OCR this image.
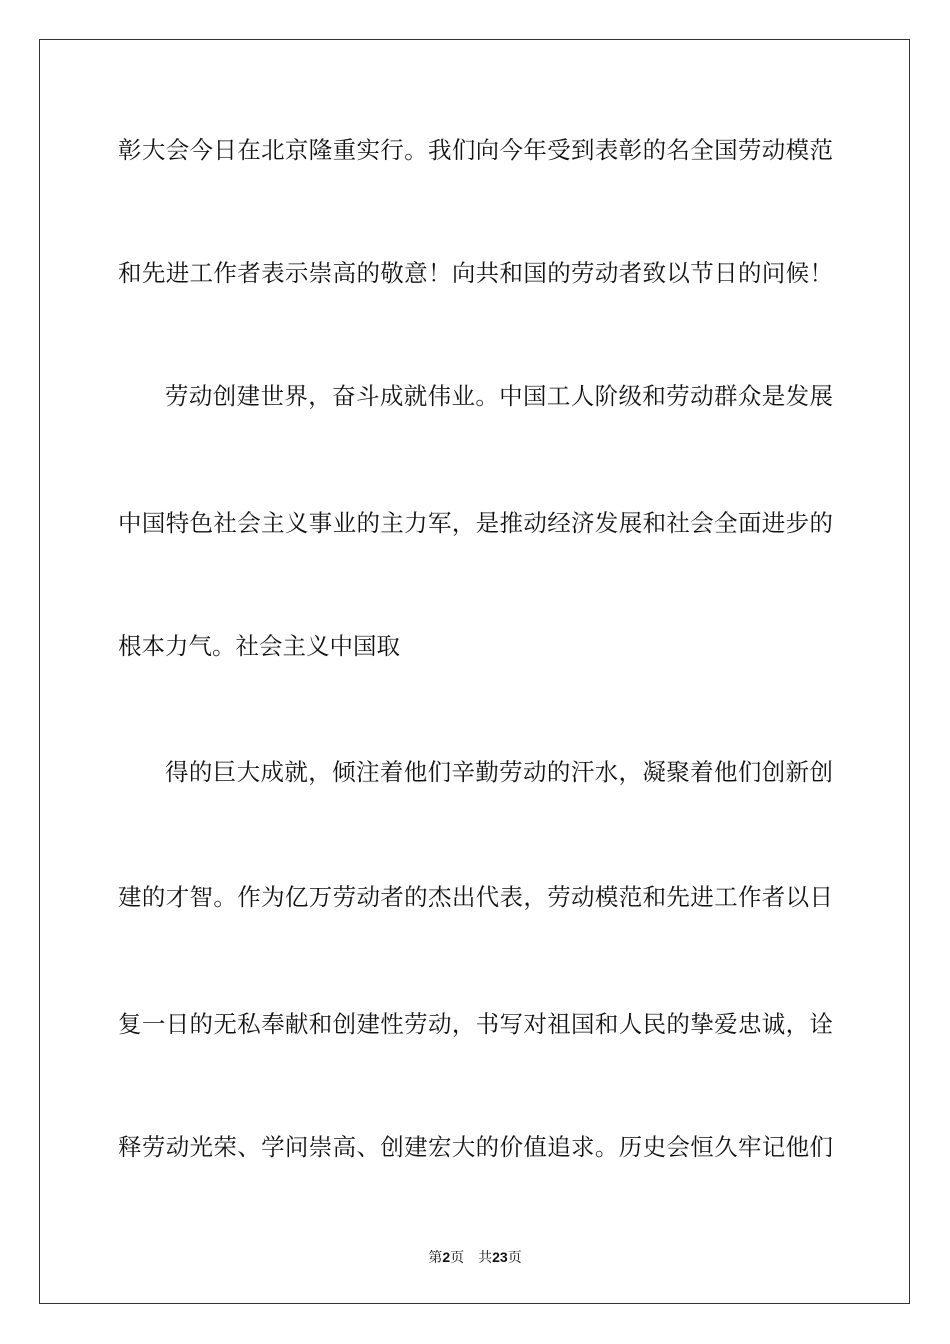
彰大会今日在北京隆重实行。我们向今年受到表彰的名全国劳动模范

和先进工作者表示崇高的敬意！向共和国的劳动者致以节日的问候！

劳动创建世界，奋斗成就伟业。中国工人阶级和劳动群众是发展

中国特色社会主义事业的主力军，是推动经济发展和社会全面进步的

根本力气。社会主义中国取

得的巨大成就，倾注着他们辛勤劳动的汗水，凝聚着他们创新创

建的才智。作为亿万劳动者的杰出代表，劳动模范和先进工作者以日

复一日的无私奉献和创建性劳动，书写对祖国和人民的挚爱忠诚，诠

释劳动光荣、学问崇高、创建宏大的价值追求。历史会恒久牢记他们

第2页　共23页
